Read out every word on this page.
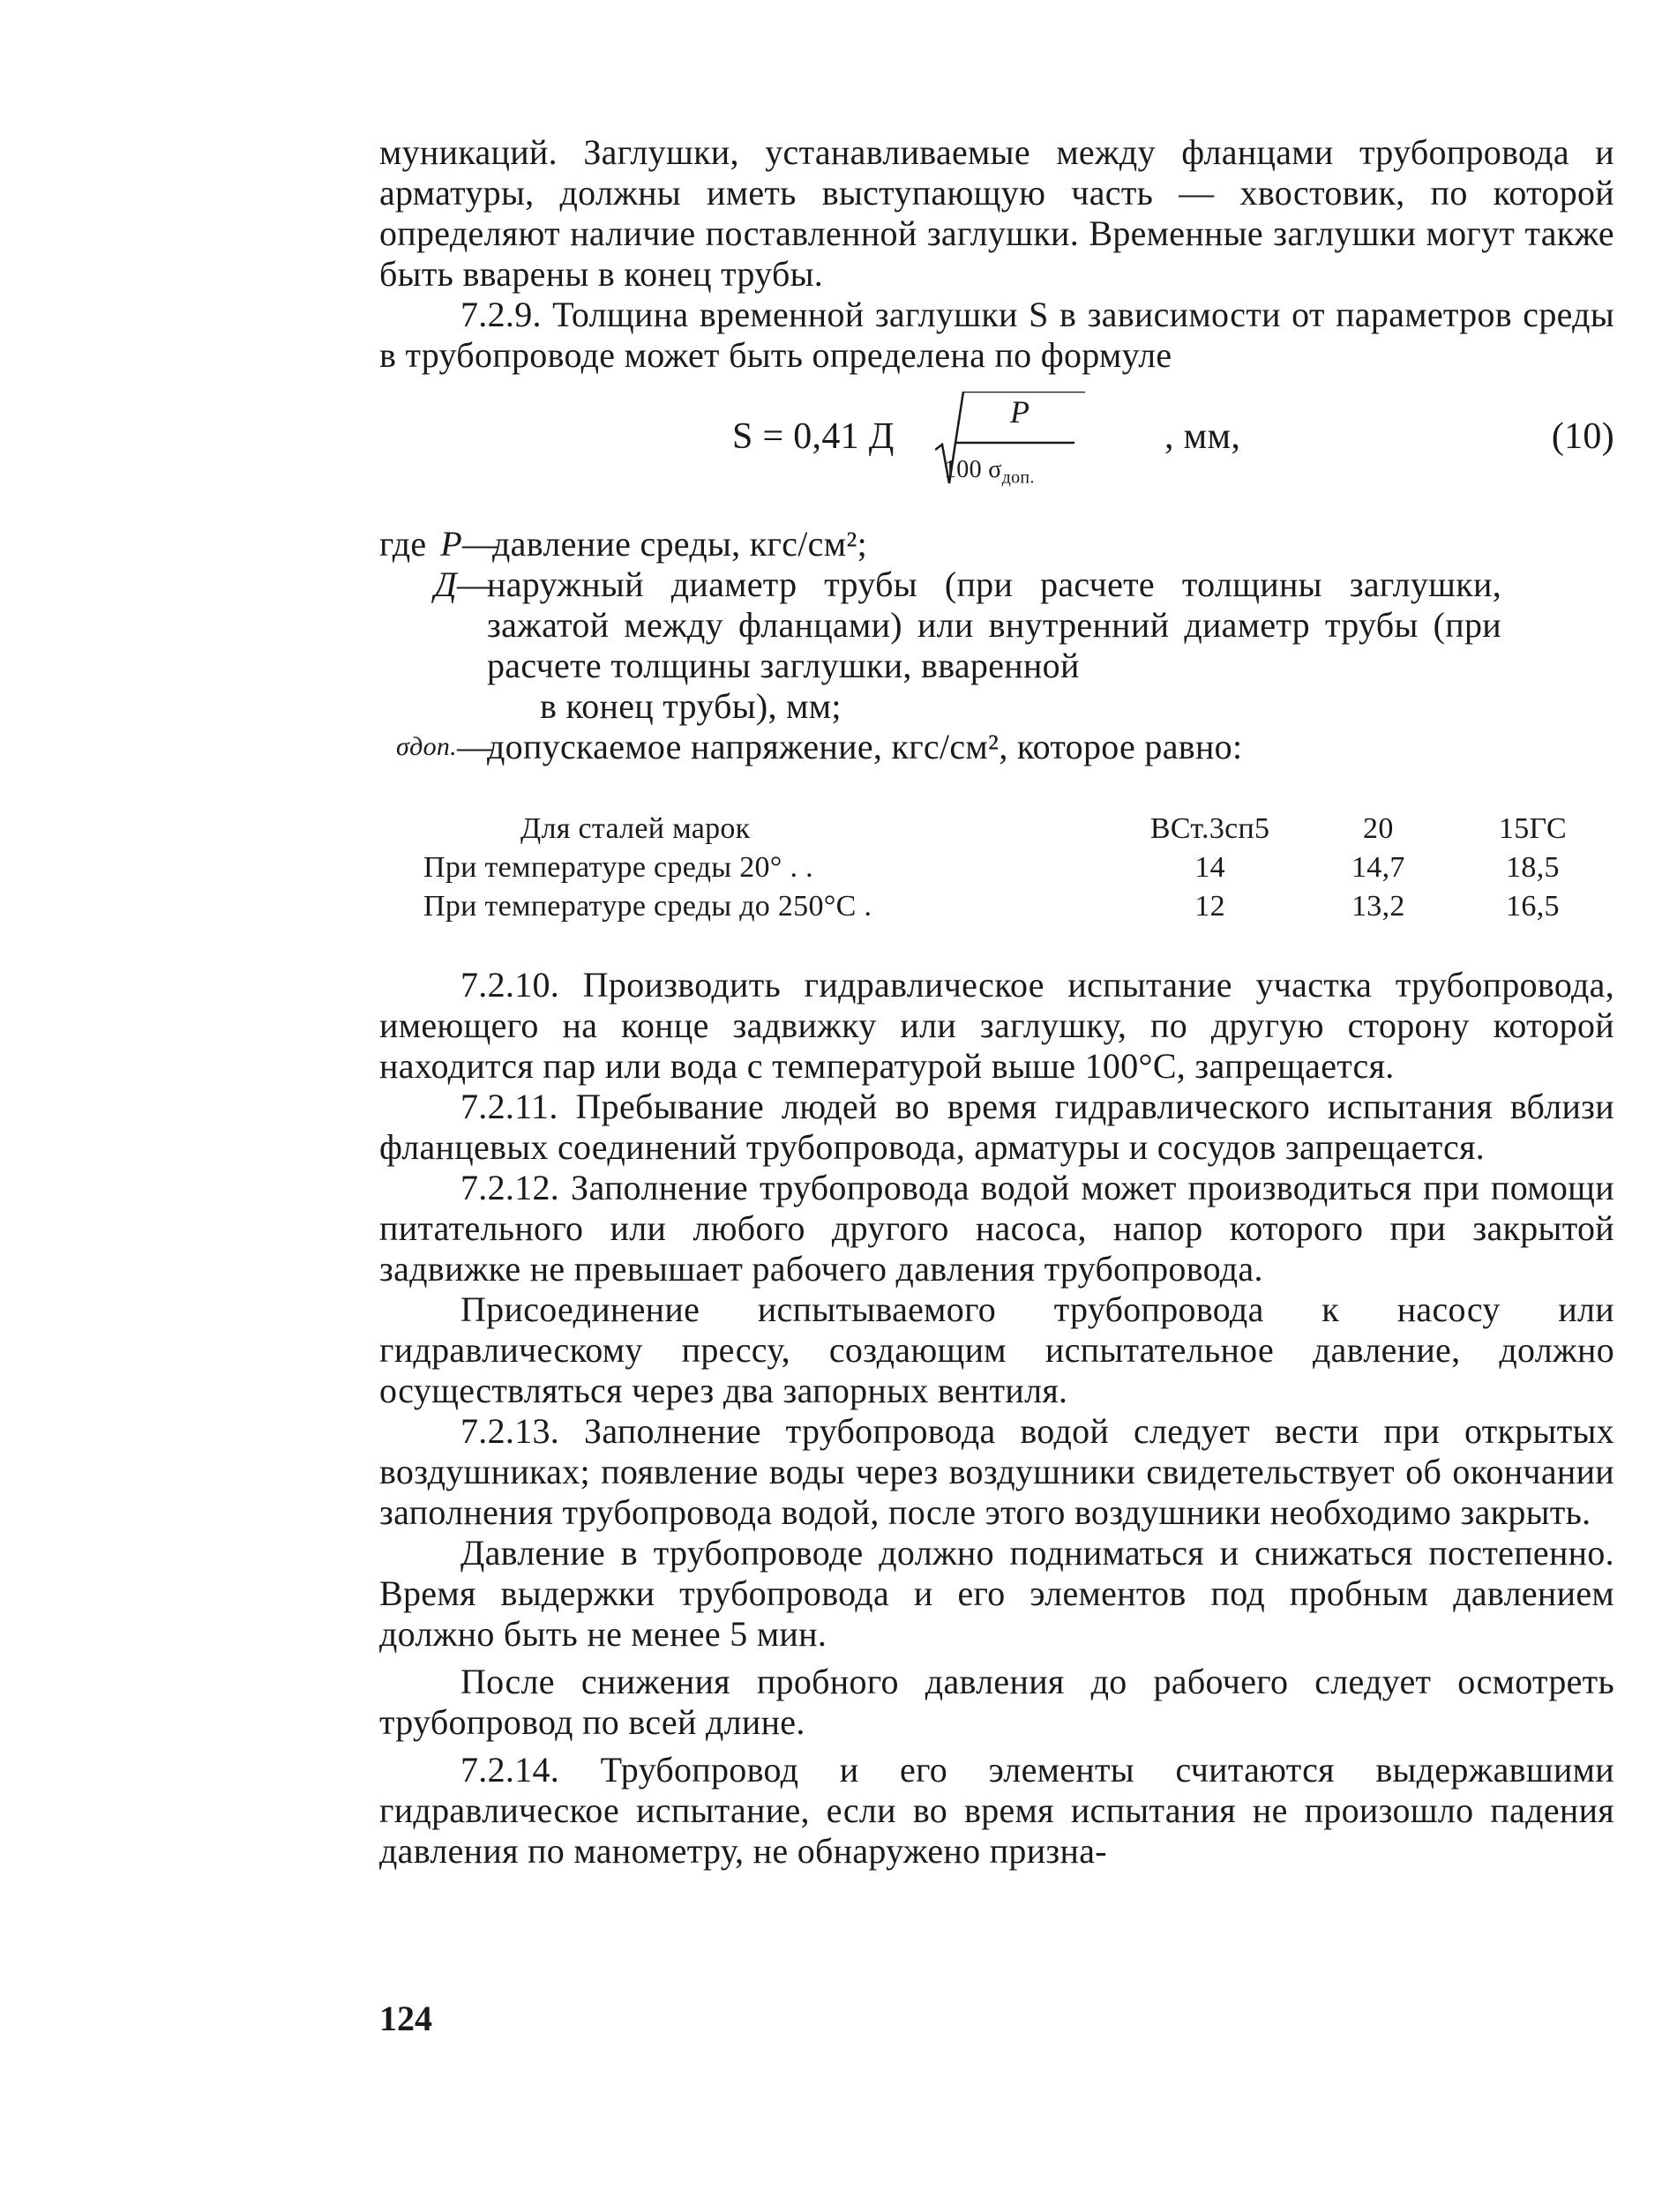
муникаций. Заглушки, устанавливаемые между фланцами трубопровода и арматуры, должны иметь выступающую часть — хвостовик, по которой определяют наличие поставленной заглушки. Временные заглушки могут также быть вварены в конец трубы.

7.2.9. Толщина временной заглушки S в зависимости от параметров среды в трубопроводе может быть определена по формуле

S = 0,41 Д
P
100 $\sigma_{доп.}$
, мм,	(10)
где P—давление среды, кгс/см²;
Д—наружный диаметр трубы (при расчете толщины заглушки, зажатой между фланцами) или внутренний диаметр трубы (при расчете толщины заглушки, вваренной
в конец трубы), мм;
σдоп.—допускаемое напряжение, кгс/см², которое равно:
Для сталей марок	ВСт.3сп5	20	15ГС
При температуре среды 20° . .	14	14,7	18,5
При температуре среды до 250°С .	12	13,2	16,5

7.2.10. Производить гидравлическое испытание участка трубопровода, имеющего на конце задвижку или заглушку, по другую сторону которой находится пар или вода с температурой выше 100°С, запрещается.

7.2.11. Пребывание людей во время гидравлического испытания вблизи фланцевых соединений трубопровода, арматуры и сосудов запрещается.

7.2.12. Заполнение трубопровода водой может производиться при помощи питательного или любого другого насоса, напор которого при закрытой задвижке не превышает рабочего давления трубопровода.

Присоединение испытываемого трубопровода к насосу или гидравлическому прессу, создающим испытательное давление, должно осуществляться через два запорных вентиля.

7.2.13. Заполнение трубопровода водой следует вести при открытых воздушниках; появление воды через воздушники свидетельствует об окончании заполнения трубопровода водой, после этого воздушники необходимо закрыть.

Давление в трубопроводе должно подниматься и снижаться постепенно. Время выдержки трубопровода и его элементов под пробным давлением должно быть не менее 5 мин.

После снижения пробного давления до рабочего следует осмотреть трубопровод по всей длине.

7.2.14. Трубопровод и его элементы считаются выдержавшими гидравлическое испытание, если во время испытания не произошло падения давления по манометру, не обнаружено призна-

124
